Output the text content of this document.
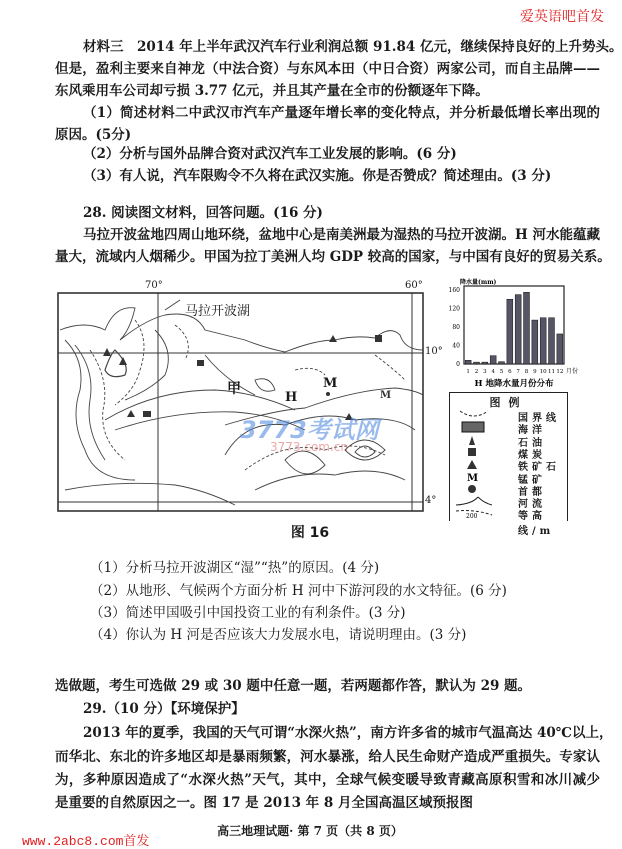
爱英语吧首发
材料三　2014 年上半年武汉汽车行业利润总额 91.84 亿元，继续保持良好的上升势头。
但是，盈利主要来自神龙（中法合资）与东风本田（中日合资）两家公司，而自主品牌——
东风乘用车公司却亏损 3.77 亿元，并且其产量在全市的份额逐年下降。
（1）简述材料二中武汉市汽车产量逐年增长率的变化特点，并分析最低增长率出现的
原因。(5分)
（2）分析与国外品牌合资对武汉汽车工业发展的影响。(6 分)
（3）有人说，汽车限购令不久将在武汉实施。你是否赞成？简述理由。(3 分)
28. 阅读图文材料，回答问题。(16 分)
马拉开波盆地四周山地环绕，盆地中心是南美洲最为湿热的马拉开波湖。H 河水能蕴藏
量大，流域内人烟稀少。甲国为拉丁美洲人均 GDP 较高的国家，与中国有良好的贸易关系。
M
70°	60°
10°
4°
马拉开波湖
甲
H
M
3773考试网
3773.com.cn
降水量(mm)
0
40
80
120
160
1 2 3 4 5 6 7 8 9 10 11 12 月份
H 地降水量月份分布
图例
国界线
海洋
石油
煤炭
铁矿石
M	锰矿
首都
河流
200	等高线/m
图 16
（1）分析马拉开波湖区“湿”“热”的原因。(4 分)
（2）从地形、气候两个方面分析 H 河中下游河段的水文特征。(6 分)
（3）简述甲国吸引中国投资工业的有利条件。(3 分)
（4）你认为 H 河是否应该大力发展水电，请说明理由。(3 分)
选做题，考生可选做 29 或 30 题中任意一题，若两题都作答，默认为 29 题。
29.（10 分）【环境保护】
2013 年的夏季，我国的天气可谓“水深火热”，南方许多省的城市气温高达 40℃以上，
而华北、东北的许多地区却是暴雨频繁，河水暴涨，给人民生命财产造成严重损失。专家认
为，多种原因造成了“水深火热”天气，其中，全球气候变暖导致青藏高原积雪和冰川减少
是重要的自然原因之一。图 17 是 2013 年 8 月全国高温区域预报图
高三地理试题· 第 7 页（共 8 页）
www.2abc8.com首发
